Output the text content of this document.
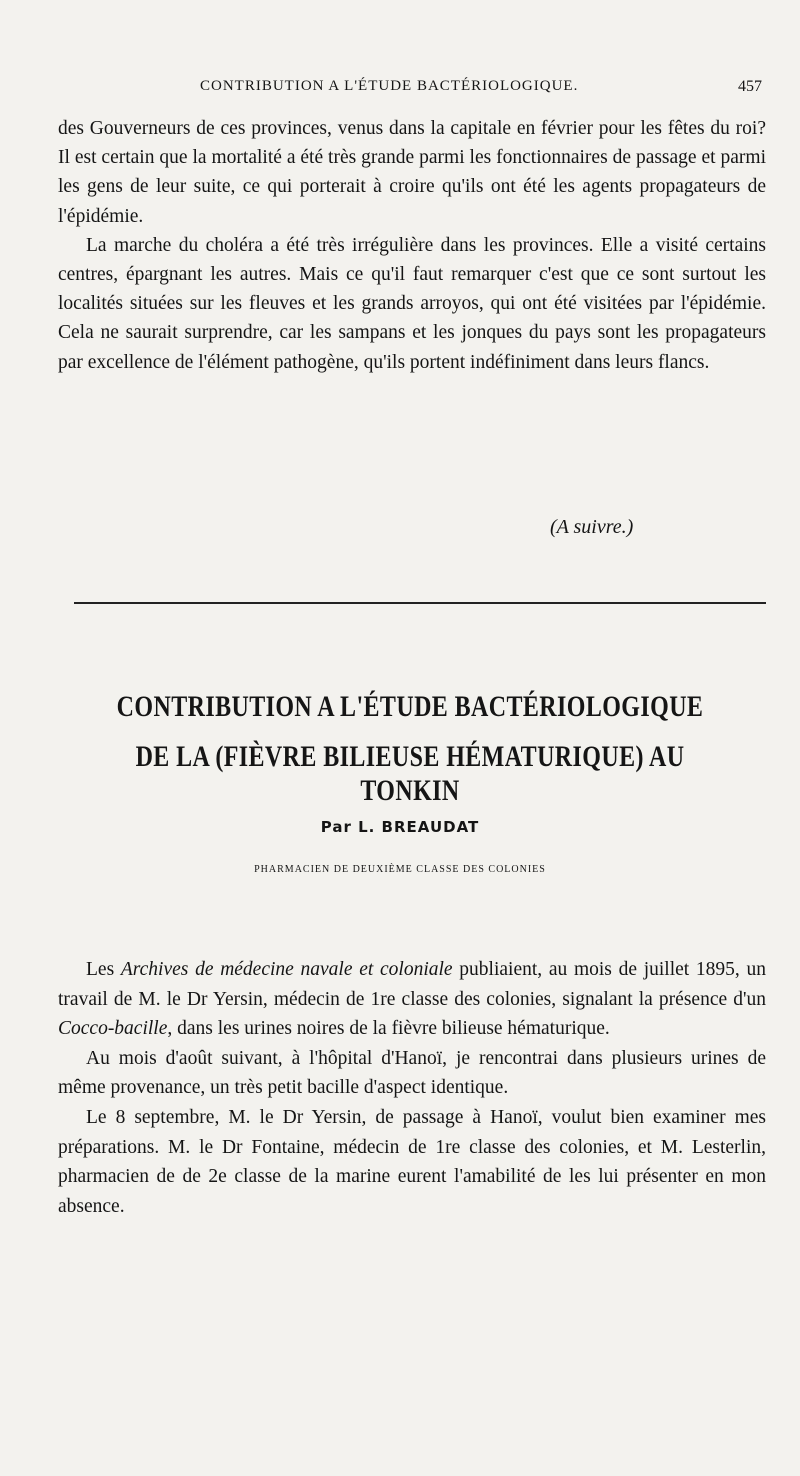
CONTRIBUTION A L'ÉTUDE BACTÉRIOLOGIQUE.	457

des Gouverneurs de ces provinces, venus dans la capitale en février pour les fêtes du roi? Il est certain que la mortalité a été très grande parmi les fonctionnaires de passage et parmi les gens de leur suite, ce qui porterait à croire qu'ils ont été les agents propagateurs de l'épidémie.

La marche du choléra a été très irrégulière dans les provinces. Elle a visité certains centres, épargnant les autres. Mais ce qu'il faut remarquer c'est que ce sont surtout les localités situées sur les fleuves et les grands arroyos, qui ont été visitées par l'épidémie. Cela ne saurait surprendre, car les sampans et les jonques du pays sont les propagateurs par excellence de l'élément pathogène, qu'ils portent indéfiniment dans leurs flancs.

(A suivre.)
CONTRIBUTION A L'ÉTUDE BACTÉRIOLOGIQUE
DE LA (FIÈVRE BILIEUSE HÉMATURIQUE) AU TONKIN
Par L. BREAUDAT
PHARMACIEN DE DEUXIÈME CLASSE DES COLONIES

Les Archives de médecine navale et coloniale publiaient, au mois de juillet 1895, un travail de M. le Dr Yersin, médecin de 1re classe des colonies, signalant la présence d'un Cocco-bacille, dans les urines noires de la fièvre bilieuse hématurique.

Au mois d'août suivant, à l'hôpital d'Hanoï, je rencontrai dans plusieurs urines de même provenance, un très petit bacille d'aspect identique.

Le 8 septembre, M. le Dr Yersin, de passage à Hanoï, voulut bien examiner mes préparations. M. le Dr Fontaine, médecin de 1re classe des colonies, et M. Lesterlin, pharmacien de de 2e classe de la marine eurent l'amabilité de les lui présenter en mon absence.
